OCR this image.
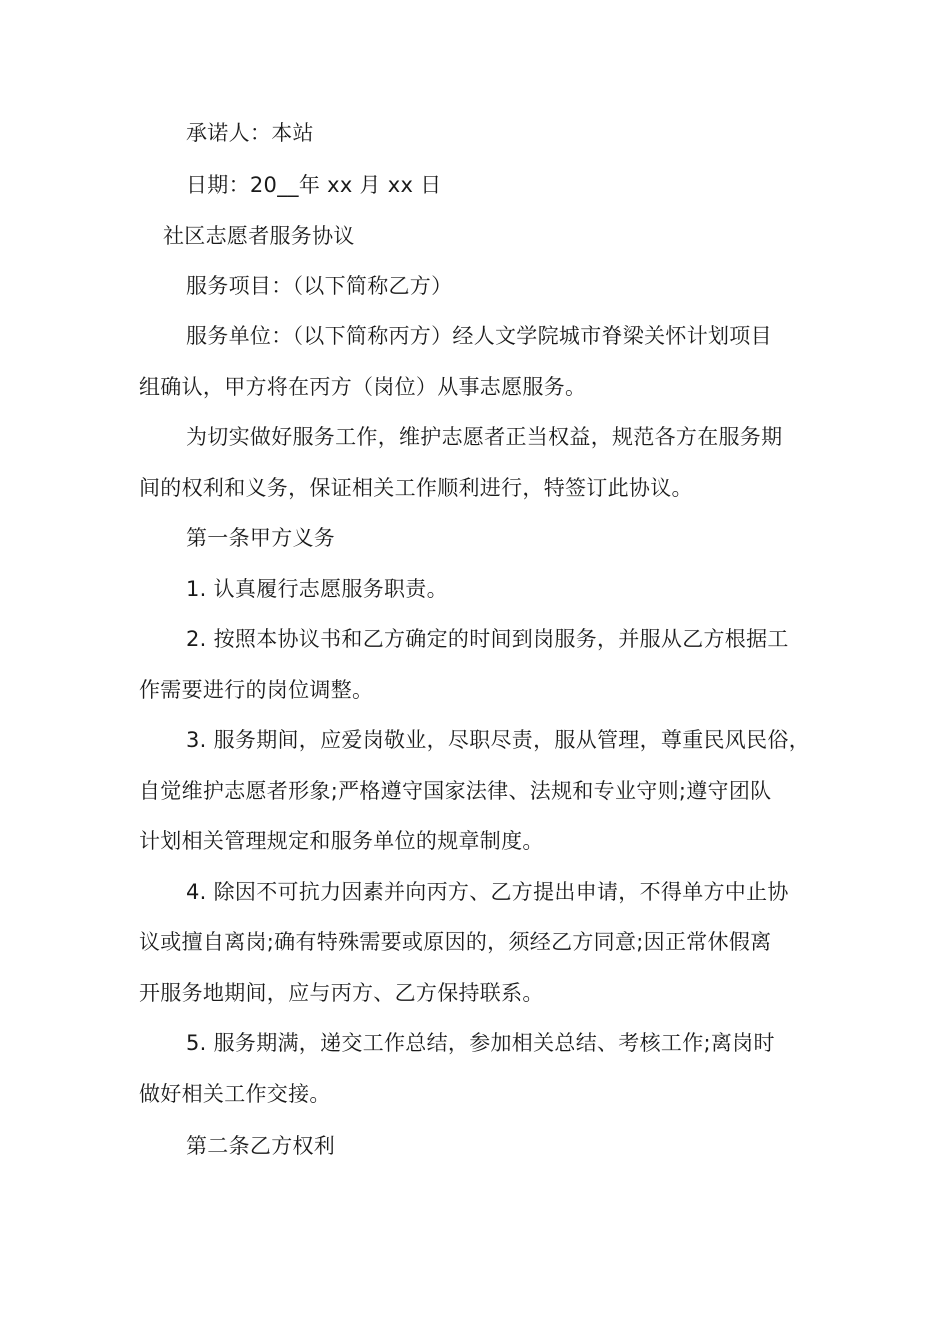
承诺人：本站
日期：20__年 xx 月 xx 日
社区志愿者服务协议
服务项目：（以下简称乙方）
服务单位：（以下简称丙方）经人文学院城市脊梁关怀计划项目
组确认，甲方将在丙方（岗位）从事志愿服务。
为切实做好服务工作，维护志愿者正当权益，规范各方在服务期
间的权利和义务，保证相关工作顺利进行，特签订此协议。
第一条甲方义务
1. 认真履行志愿服务职责。
2. 按照本协议书和乙方确定的时间到岗服务，并服从乙方根据工
作需要进行的岗位调整。
3. 服务期间，应爱岗敬业，尽职尽责，服从管理，尊重民风民俗，
自觉维护志愿者形象;严格遵守国家法律、法规和专业守则;遵守团队
计划相关管理规定和服务单位的规章制度。
4. 除因不可抗力因素并向丙方、乙方提出申请，不得单方中止协
议或擅自离岗;确有特殊需要或原因的，须经乙方同意;因正常休假离
开服务地期间，应与丙方、乙方保持联系。
5. 服务期满，递交工作总结，参加相关总结、考核工作;离岗时
做好相关工作交接。
第二条乙方权利
